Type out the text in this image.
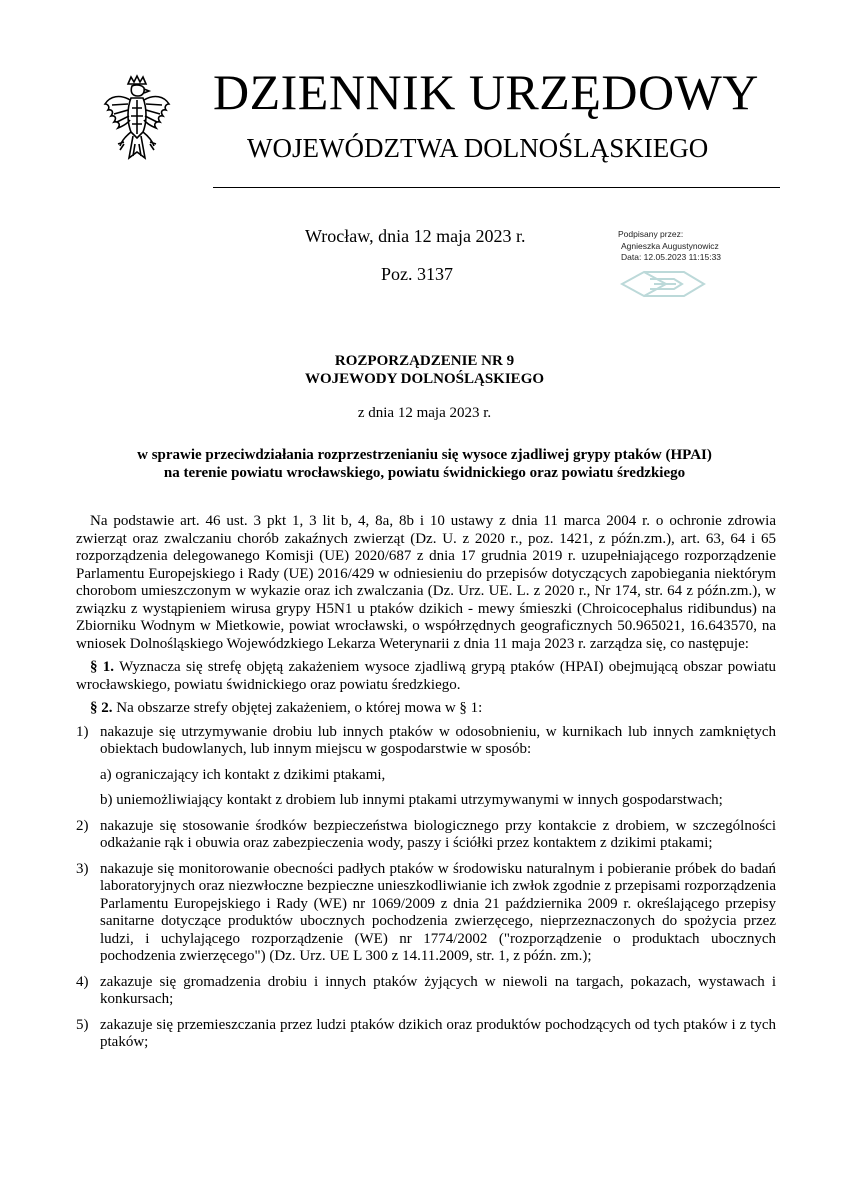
DZIENNIK URZĘDOWY
WOJEWÓDZTWA DOLNOŚLĄSKIEGO
Wrocław, dnia 12 maja 2023 r.
Poz. 3137
Podpisany przez:
Agnieszka Augustynowicz
Data: 12.05.2023 11:15:33
ROZPORZĄDZENIE NR 9
WOJEWODY DOLNOŚLĄSKIEGO
z dnia 12 maja 2023 r.
w sprawie przeciwdziałania rozprzestrzenianiu się wysoce zjadliwej grypy ptaków (HPAI)
na terenie powiatu wrocławskiego, powiatu świdnickiego oraz powiatu średzkiego

Na podstawie art. 46 ust. 3 pkt 1, 3 lit b, 4, 8a, 8b i 10 ustawy z dnia 11 marca 2004 r. o ochronie zdrowia zwierząt oraz zwalczaniu chorób zakaźnych zwierząt (Dz. U. z 2020 r., poz. 1421, z późn.zm.), art. 63, 64 i 65 rozporządzenia delegowanego Komisji (UE) 2020/687 z dnia 17 grudnia 2019 r. uzupełniającego rozporządzenie Parlamentu Europejskiego i Rady (UE) 2016/429 w odniesieniu do przepisów dotyczących zapobiegania niektórym chorobom umieszczonym w wykazie oraz ich zwalczania (Dz. Urz. UE. L. z 2020 r., Nr 174, str. 64 z późn.zm.), w związku z wystąpieniem wirusa grypy H5N1 u ptaków dzikich - mewy śmieszki (Chroicocephalus ridibundus) na Zbiorniku Wodnym w Mietkowie, powiat wrocławski, o współrzędnych geograficznych 50.965021, 16.643570, na wniosek Dolnośląskiego Wojewódzkiego Lekarza Weterynarii z dnia 11 maja 2023 r. zarządza się, co następuje:

§ 1. Wyznacza się strefę objętą zakażeniem wysoce zjadliwą grypą ptaków (HPAI) obejmującą obszar powiatu wrocławskiego, powiatu świdnickiego oraz powiatu średzkiego.

§ 2. Na obszarze strefy objętej zakażeniem, o której mowa w § 1:

1) nakazuje się utrzymywanie drobiu lub innych ptaków w odosobnieniu, w kurnikach lub innych zamkniętych obiektach budowlanych, lub innym miejscu w gospodarstwie w sposób:
a) ograniczający ich kontakt z dzikimi ptakami,
b) uniemożliwiający kontakt z drobiem lub innymi ptakami utrzymywanymi w innych gospodarstwach;
2) nakazuje się stosowanie środków bezpieczeństwa biologicznego przy kontakcie z drobiem, w szczególności odkażanie rąk i obuwia oraz zabezpieczenia wody, paszy i ściółki przez kontaktem z dzikimi ptakami;
3) nakazuje się monitorowanie obecności padłych ptaków w środowisku naturalnym i pobieranie próbek do badań laboratoryjnych oraz niezwłoczne bezpieczne unieszkodliwianie ich zwłok zgodnie z przepisami rozporządzenia Parlamentu Europejskiego i Rady (WE) nr 1069/2009 z dnia 21 października 2009 r. określającego przepisy sanitarne dotyczące produktów ubocznych pochodzenia zwierzęcego, nieprzeznaczonych do spożycia przez ludzi, i uchylającego rozporządzenie (WE) nr 1774/2002 ("rozporządzenie o produktach ubocznych pochodzenia zwierzęcego") (Dz. Urz. UE L 300 z 14.11.2009, str. 1, z późn. zm.);
4) zakazuje się gromadzenia drobiu i innych ptaków żyjących w niewoli na targach, pokazach, wystawach i konkursach;
5) zakazuje się przemieszczania przez ludzi ptaków dzikich oraz produktów pochodzących od tych ptaków i z tych ptaków;
